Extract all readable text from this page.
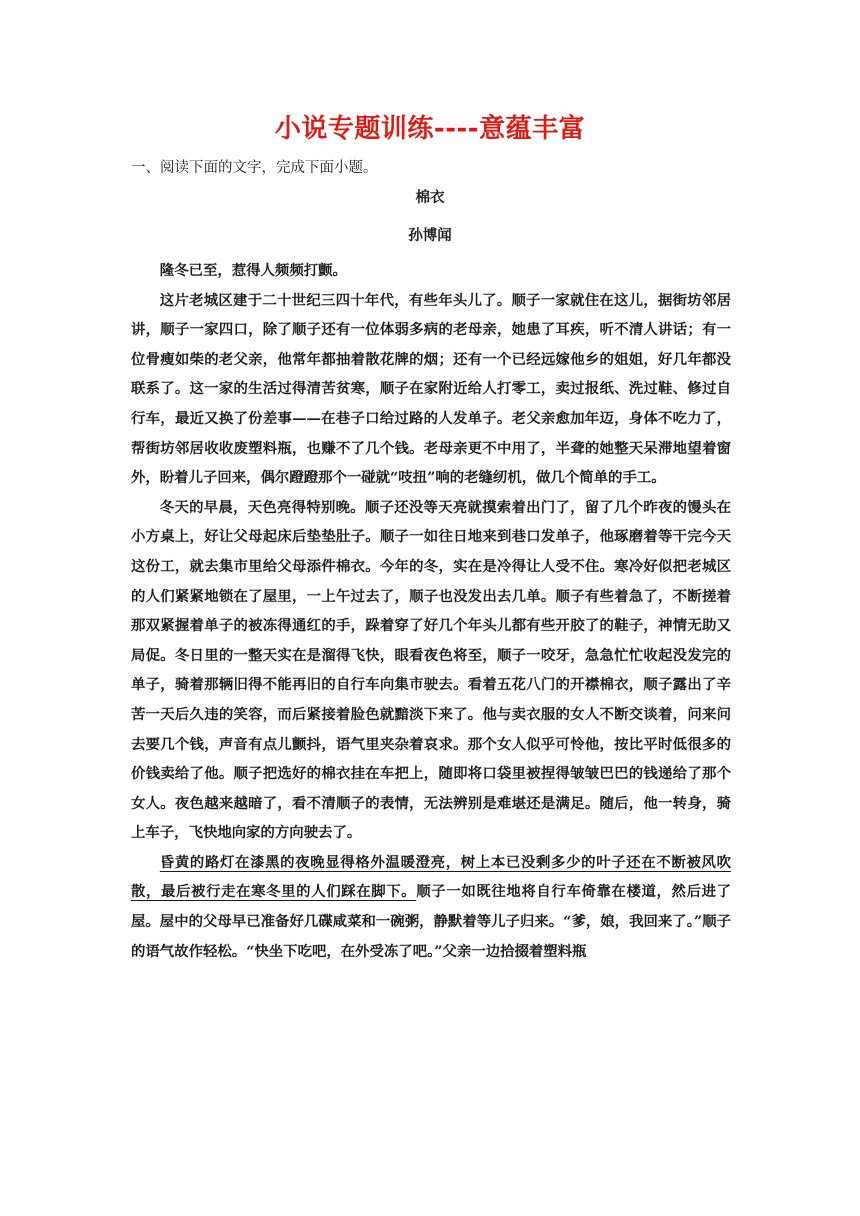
小说专题训练----意蕴丰富
一、阅读下面的文字，完成下面小题。
棉衣
孙博闻

隆冬已至，惹得人频频打颤。

这片老城区建于二十世纪三四十年代，有些年头儿了。顺子一家就住在这儿，据街坊邻居讲，顺子一家四口，除了顺子还有一位体弱多病的老母亲，她患了耳疾，听不清人讲话；有一位骨瘦如柴的老父亲，他常年都抽着散花牌的烟；还有一个已经远嫁他乡的姐姐，好几年都没联系了。这一家的生活过得清苦贫寒，顺子在家附近给人打零工，卖过报纸、洗过鞋、修过自行车，最近又换了份差事——在巷子口给过路的人发单子。老父亲愈加年迈，身体不吃力了，帮街坊邻居收收废塑料瓶，也赚不了几个钱。老母亲更不中用了，半聋的她整天呆滞地望着窗外，盼着儿子回来，偶尔蹬蹬那个一碰就“吱扭”响的老缝纫机，做几个简单的手工。

冬天的早晨，天色亮得特别晚。顺子还没等天亮就摸索着出门了，留了几个昨夜的馒头在小方桌上，好让父母起床后垫垫肚子。顺子一如往日地来到巷口发单子，他琢磨着等干完今天这份工，就去集市里给父母添件棉衣。今年的冬，实在是冷得让人受不住。寒冷好似把老城区的人们紧紧地锁在了屋里，一上午过去了，顺子也没发出去几单。顺子有些着急了，不断搓着那双紧握着单子的被冻得通红的手，跺着穿了好几个年头儿都有些开胶了的鞋子，神情无助又局促。冬日里的一整天实在是溜得飞快，眼看夜色将至，顺子一咬牙，急急忙忙收起没发完的单子，骑着那辆旧得不能再旧的自行车向集市驶去。看着五花八门的开襟棉衣，顺子露出了辛苦一天后久违的笑容，而后紧接着脸色就黯淡下来了。他与卖衣服的女人不断交谈着，问来问去要几个钱，声音有点儿颤抖，语气里夹杂着哀求。那个女人似乎可怜他，按比平时低很多的价钱卖给了他。顺子把选好的棉衣挂在车把上，随即将口袋里被捏得皱皱巴巴的钱递给了那个女人。夜色越来越暗了，看不清顺子的表情，无法辨别是难堪还是满足。随后，他一转身，骑上车子，飞快地向家的方向驶去了。

昏黄的路灯在漆黑的夜晚显得格外温暖澄亮，树上本已没剩多少的叶子还在不断被风吹散，最后被行走在寒冬里的人们踩在脚下。顺子一如既往地将自行车倚靠在楼道，然后进了屋。屋中的父母早已准备好几碟咸菜和一碗粥，静默着等儿子归来。“爹，娘，我回来了。”顺子的语气故作轻松。“快坐下吃吧，在外受冻了吧。”父亲一边拾掇着塑料瓶
